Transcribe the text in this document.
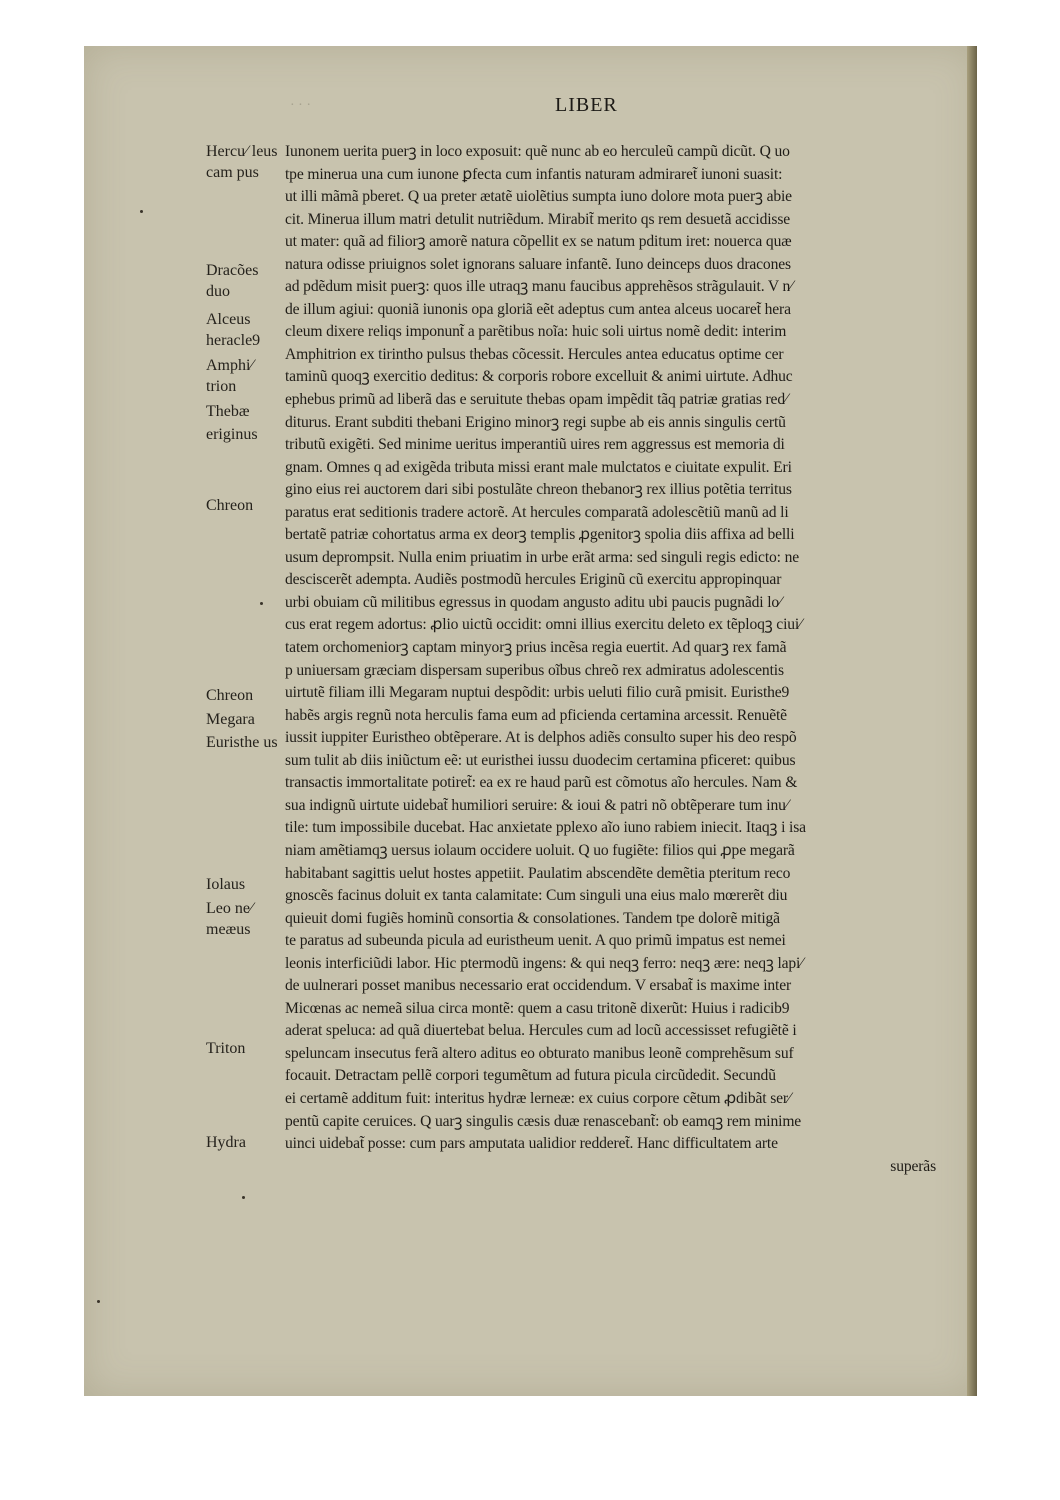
· · ·	LIBER
Hercu⁄ leus cam pus
Dracões duo
Alceus heracle9
Amphi⁄ trion
Thebæ
eriginus
Chreon
Chreon
Megara
Euristhe us
Iolaus
Leo ne⁄ meæus
Triton
Hydra
Iunonem uerita puerꝫ in loco exposuit: quẽ nunc ab eo herculeũ campũ dicũt. Q uo
tpe minerua una cum iunone ꝑfecta cum infantis naturam admiraret̃ iunoni suasit:
ut illi mãmã pberet. Q ua preter ætatẽ uiolẽtius sumpta iuno dolore mota puerꝫ abie
cit. Minerua illum matri detulit nutriẽdum. Mirabit̃ merito qs rem desuetã accidisse
ut mater: quã ad filiorꝫ amorẽ natura cõpellit ex se natum pditum iret: nouerca quæ
natura odisse priuignos solet ignorans saluare infantẽ. Iuno deinceps duos dracones
ad pdẽdum misit puerꝫ: quos ille utraqꝫ manu faucibus apprehẽsos strãgulauit. V n⁄
de illum agiui: quoniã iunonis opa gloriã eẽt adeptus cum antea alceus uocaret̃ hera
cleum dixere reliqs imponunt̃ a parẽtibus noĩa: huic soli uirtus nomẽ dedit: interim
Amphitrion ex tirintho pulsus thebas cõcessit. Hercules antea educatus optime cer
taminũ quoqꝫ exercitio deditus: & corporis robore excelluit & animi uirtute. Adhuc
ephebus primũ ad liberã das e seruitute thebas opam impẽdit tãq patriæ gratias red⁄
diturus. Erant subditi thebani Erigino minorꝫ regi supbe ab eis annis singulis certũ
tributũ exigẽti. Sed minime ueritus imperantiũ uires rem aggressus est memoria di
gnam. Omnes q ad exigẽda tributa missi erant male mulctatos e ciuitate expulit. Eri
gino eius rei auctorem dari sibi postulãte chreon thebanorꝫ rex illius potẽtia territus
paratus erat seditionis tradere actorẽ. At hercules comparatã adolescẽtiũ manũ ad li
bertatẽ patriæ cohortatus arma ex deorꝫ templis ꝓgenitorꝫ spolia diis affixa ad belli
usum deprompsit. Nulla enim priuatim in urbe erãt arma: sed singuli regis edicto: ne
desciscerẽt adempta. Audiẽs postmodũ hercules Eriginũ cũ exercitu appropinquar
urbi obuiam cũ militibus egressus in quodam angusto aditu ubi paucis pugnãdi lo⁄
cus erat regem adortus: ꝓlio uictũ occidit: omni illius exercitu deleto ex tẽploqꝫ ciui⁄
tatem orchomeniorꝫ captam minyorꝫ prius incẽsa regia euertit. Ad quarꝫ rex famã
p uniuersam græciam dispersam superibus oĩbus chreõ rex admiratus adolescentis
uirtutẽ filiam illi Megaram nuptui despõdit: urbis ueluti filio curã pmisit. Euristhe9
habẽs argis regnũ nota herculis fama eum ad pficienda certamina arcessit. Renuẽtẽ
iussit iuppiter Euristheo obtẽperare. At is delphos adiẽs consulto super his deo respõ
sum tulit ab diis iniũctum eẽ: ut euristhei iussu duodecim certamina pficeret: quibus
transactis immortalitate potiret̃: ea ex re haud parũ est cõmotus aĩo hercules. Nam &
sua indignũ uirtute uidebat̃ humiliori seruire: & ioui & patri nõ obtẽperare tum inu⁄
tile: tum impossibile ducebat. Hac anxietate pplexo aĩo iuno rabiem iniecit. Itaqꝫ i isa
niam amẽtiamqꝫ uersus iolaum occidere uoluit. Q uo fugiẽte: filios qui ꝓpe megarã
habitabant sagittis uelut hostes appetiit. Paulatim abscendẽte demẽtia pteritum reco
gnoscẽs facinus doluit ex tanta calamitate: Cum singuli una eius malo mœrerẽt diu
quieuit domi fugiẽs hominũ consortia & consolationes. Tandem tpe dolorẽ mitigã
te paratus ad subeunda picula ad euristheum uenit. A quo primũ impatus est nemei
leonis interficiũdi labor. Hic ptermodũ ingens: & qui neqꝫ ferro: neqꝫ ære: neqꝫ lapi⁄
de uulnerari posset manibus necessario erat occidendum. V ersabat̃ is maxime inter
Micœnas ac nemeã silua circa montẽ: quem a casu tritonẽ dixerũt: Huius i radicib9
aderat speluca: ad quã diuertebat belua. Hercules cum ad locũ accessisset refugiẽtẽ i
speluncam insecutus ferã altero aditus eo obturato manibus leonẽ comprehẽsum suf
focauit. Detractam pellẽ corpori tegumẽtum ad futura picula circũdedit. Secundũ
ei certamẽ additum fuit: interitus hydræ lerneæ: ex cuius corpore cẽtum ꝓdibãt ser⁄
pentũ capite ceruices. Q uarꝫ singulis cæsis duæ renascebant̃: ob eamqꝫ rem minime
uinci uidebat̃ posse: cum pars amputata ualidior redderet̃. Hanc difficultatem arte
superãs
